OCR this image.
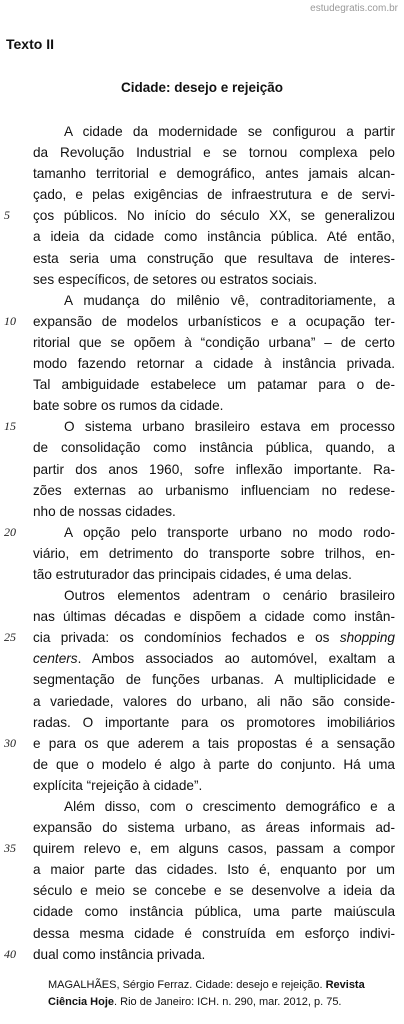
estudegratis.com.br
Texto II
Cidade: desejo e rejeição
A cidade da modernidade se configurou a partir
da Revolução Industrial e se tornou complexa pelo
tamanho territorial e demográfico, antes jamais alcan-
çado, e pelas exigências de infraestrutura e de servi-
5 ços públicos. No início do século XX, se generalizou
a ideia da cidade como instância pública. Até então,
esta seria uma construção que resultava de interes-
ses específicos, de setores ou estratos sociais.
A mudança do milênio vê, contraditoriamente, a
10 expansão de modelos urbanísticos e a ocupação ter-
ritorial que se opõem à “condição urbana” – de certo
modo fazendo retornar a cidade à instância privada.
Tal ambiguidade estabelece um patamar para o de-
bate sobre os rumos da cidade.
15	O sistema urbano brasileiro estava em processo
de consolidação como instância pública, quando, a
partir dos anos 1960, sofre inflexão importante. Ra-
zões externas ao urbanismo influenciam no redese-
nho de nossas cidades.
20	A opção pelo transporte urbano no modo rodo-
viário, em detrimento do transporte sobre trilhos, en-
tão estruturador das principais cidades, é uma delas.
Outros elementos adentram o cenário brasileiro
nas últimas décadas e dispõem a cidade como instân-
25 cia privada: os condomínios fechados e os shopping
centers. Ambos associados ao automóvel, exaltam a
segmentação de funções urbanas. A multiplicidade e
a variedade, valores do urbano, ali não são conside-
radas. O importante para os promotores imobiliários
30 e para os que aderem a tais propostas é a sensação
de que o modelo é algo à parte do conjunto. Há uma
explícita “rejeição à cidade”.
Além disso, com o crescimento demográfico e a
expansão do sistema urbano, as áreas informais ad-
35 quirem relevo e, em alguns casos, passam a compor
a maior parte das cidades. Isto é, enquanto por um
século e meio se concebe e se desenvolve a ideia da
cidade como instância pública, uma parte maiúscula
dessa mesma cidade é construída em esforço indivi-
40 dual como instância privada.
MAGALHÃES, Sérgio Ferraz. Cidade: desejo e rejeição. Revista Ciência Hoje. Rio de Janeiro: ICH. n. 290, mar. 2012, p. 75.
